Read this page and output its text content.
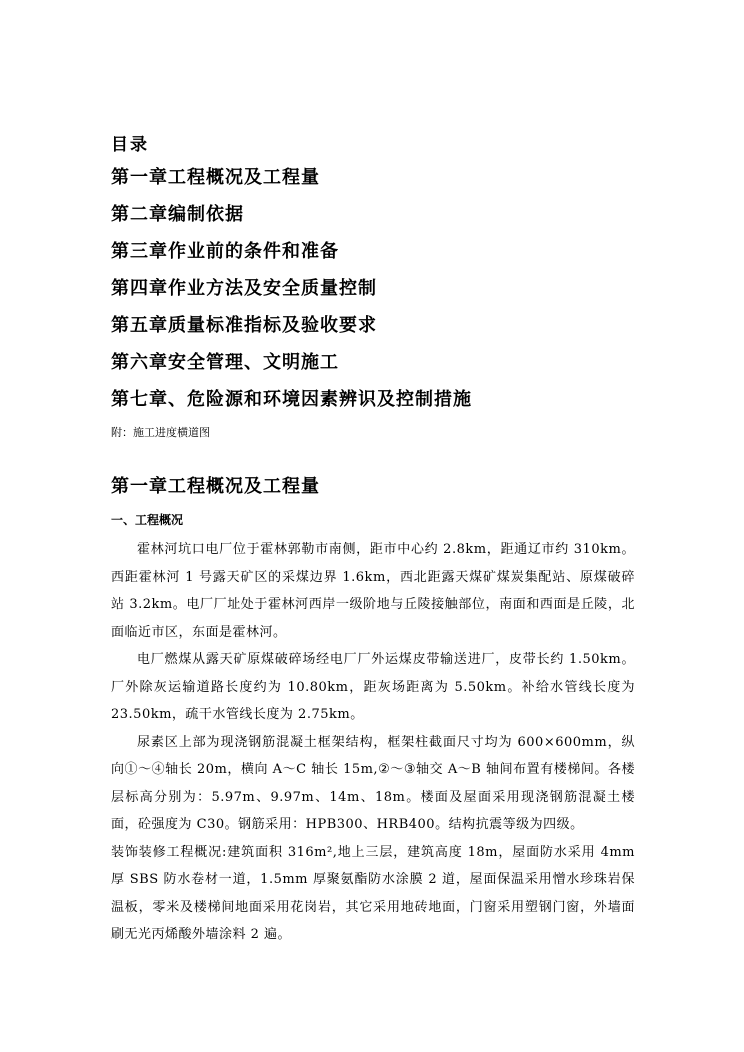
目录
第一章工程概况及工程量
第二章编制依据
第三章作业前的条件和准备
第四章作业方法及安全质量控制
第五章质量标准指标及验收要求
第六章安全管理、文明施工
第七章、危险源和环境因素辨识及控制措施

附：施工进度横道图

第一章工程概况及工程量
一、工程概况

霍林河坑口电厂位于霍林郭勒市南侧，距市中心约 2.8km，距通辽市约 310km。西距霍林河 1 号露天矿区的采煤边界 1.6km，西北距露天煤矿煤炭集配站、原煤破碎站 3.2km。电厂厂址处于霍林河西岸一级阶地与丘陵接触部位，南面和西面是丘陵，北面临近市区，东面是霍林河。

电厂燃煤从露天矿原煤破碎场经电厂厂外运煤皮带输送进厂，皮带长约 1.50km。厂外除灰运输道路长度约为 10.80km，距灰场距离为 5.50km。补给水管线长度为 23.50km，疏干水管线长度为 2.75km。

尿素区上部为现浇钢筋混凝土框架结构，框架柱截面尺寸均为 600×600mm，纵向①～④轴长 20m，横向 A～C 轴长 15m,②～③轴交 A～B 轴间布置有楼梯间。各楼层标高分别为：5.97m、9.97m、14m、18m。楼面及屋面采用现浇钢筋混凝土楼面，砼强度为 C30。钢筋采用：HPB300、HRB400。结构抗震等级为四级。

装饰装修工程概况:建筑面积 316m²,地上三层，建筑高度 18m，屋面防水采用 4mm 厚 SBS 防水卷材一道，1.5mm 厚聚氨酯防水涂膜 2 道，屋面保温采用憎水珍珠岩保温板，零米及楼梯间地面采用花岗岩，其它采用地砖地面，门窗采用塑钢门窗，外墙面刷无光丙烯酸外墙涂料 2 遍。
